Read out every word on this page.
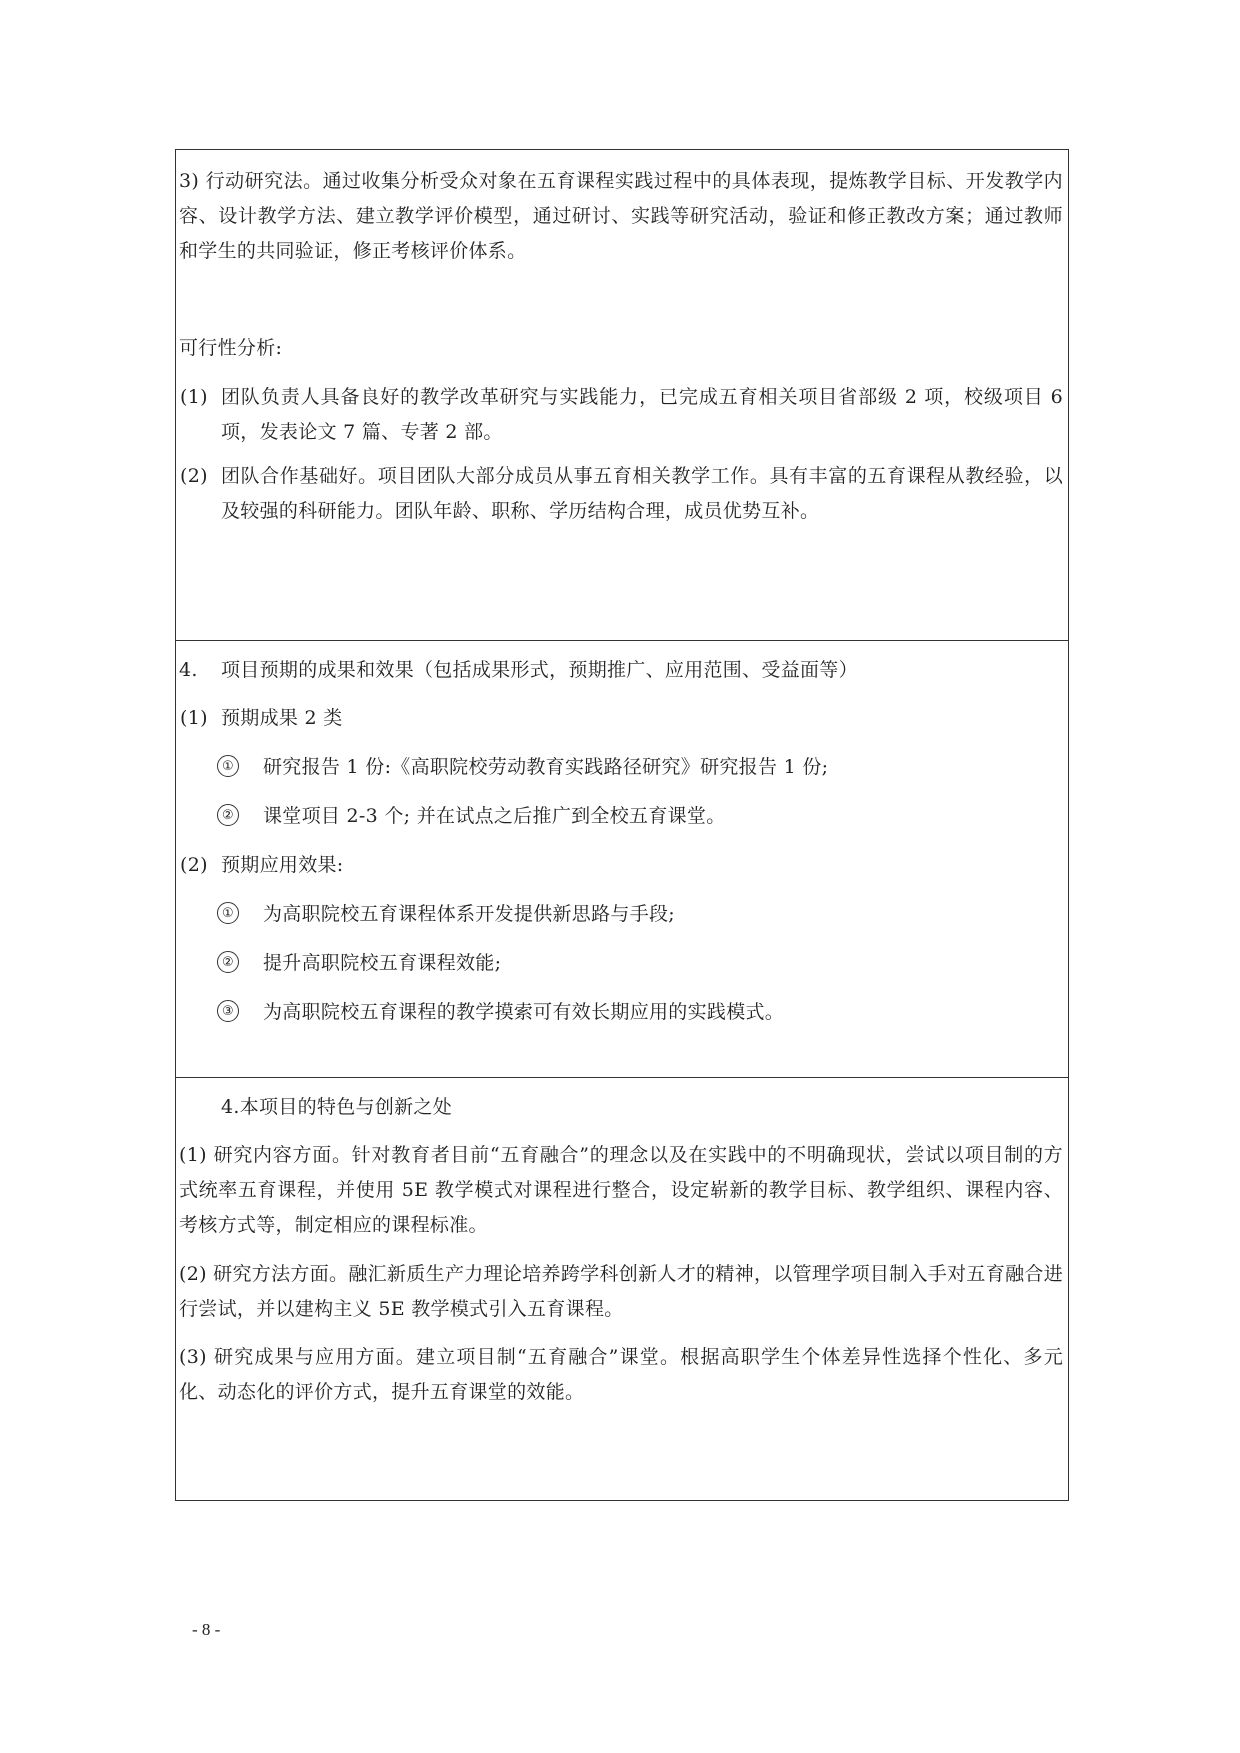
3) 行动研究法。通过收集分析受众对象在五育课程实践过程中的具体表现，提炼教学目标、开发教学内容、设计教学方法、建立教学评价模型，通过研讨、实践等研究活动，验证和修正教改方案；通过教师和学生的共同验证，修正考核评价体系。
可行性分析:
(1) 团队负责人具备良好的教学改革研究与实践能力，已完成五育相关项目省部级 2 项，校级项目 6 项，发表论文 7 篇、专著 2 部。
(2) 团队合作基础好。项目团队大部分成员从事五育相关教学工作。具有丰富的五育课程从教经验，以及较强的科研能力。团队年龄、职称、学历结构合理，成员优势互补。
4. 项目预期的成果和效果（包括成果形式，预期推广、应用范围、受益面等）
(1) 预期成果 2 类
① 研究报告 1 份:《高职院校劳动教育实践路径研究》研究报告 1 份;
② 课堂项目 2-3 个; 并在试点之后推广到全校五育课堂。
(2) 预期应用效果:
① 为高职院校五育课程体系开发提供新思路与手段;
② 提升高职院校五育课程效能;
③ 为高职院校五育课程的教学摸索可有效长期应用的实践模式。
4.本项目的特色与创新之处
(1) 研究内容方面。针对教育者目前“五育融合”的理念以及在实践中的不明确现状，尝试以项目制的方式统率五育课程，并使用 5E 教学模式对课程进行整合，设定崭新的教学目标、教学组织、课程内容、考核方式等，制定相应的课程标准。
(2) 研究方法方面。融汇新质生产力理论培养跨学科创新人才的精神，以管理学项目制入手对五育融合进行尝试，并以建构主义 5E 教学模式引入五育课程。
(3) 研究成果与应用方面。建立项目制“五育融合”课堂。根据高职学生个体差异性选择个性化、多元化、动态化的评价方式，提升五育课堂的效能。
- 8 -
